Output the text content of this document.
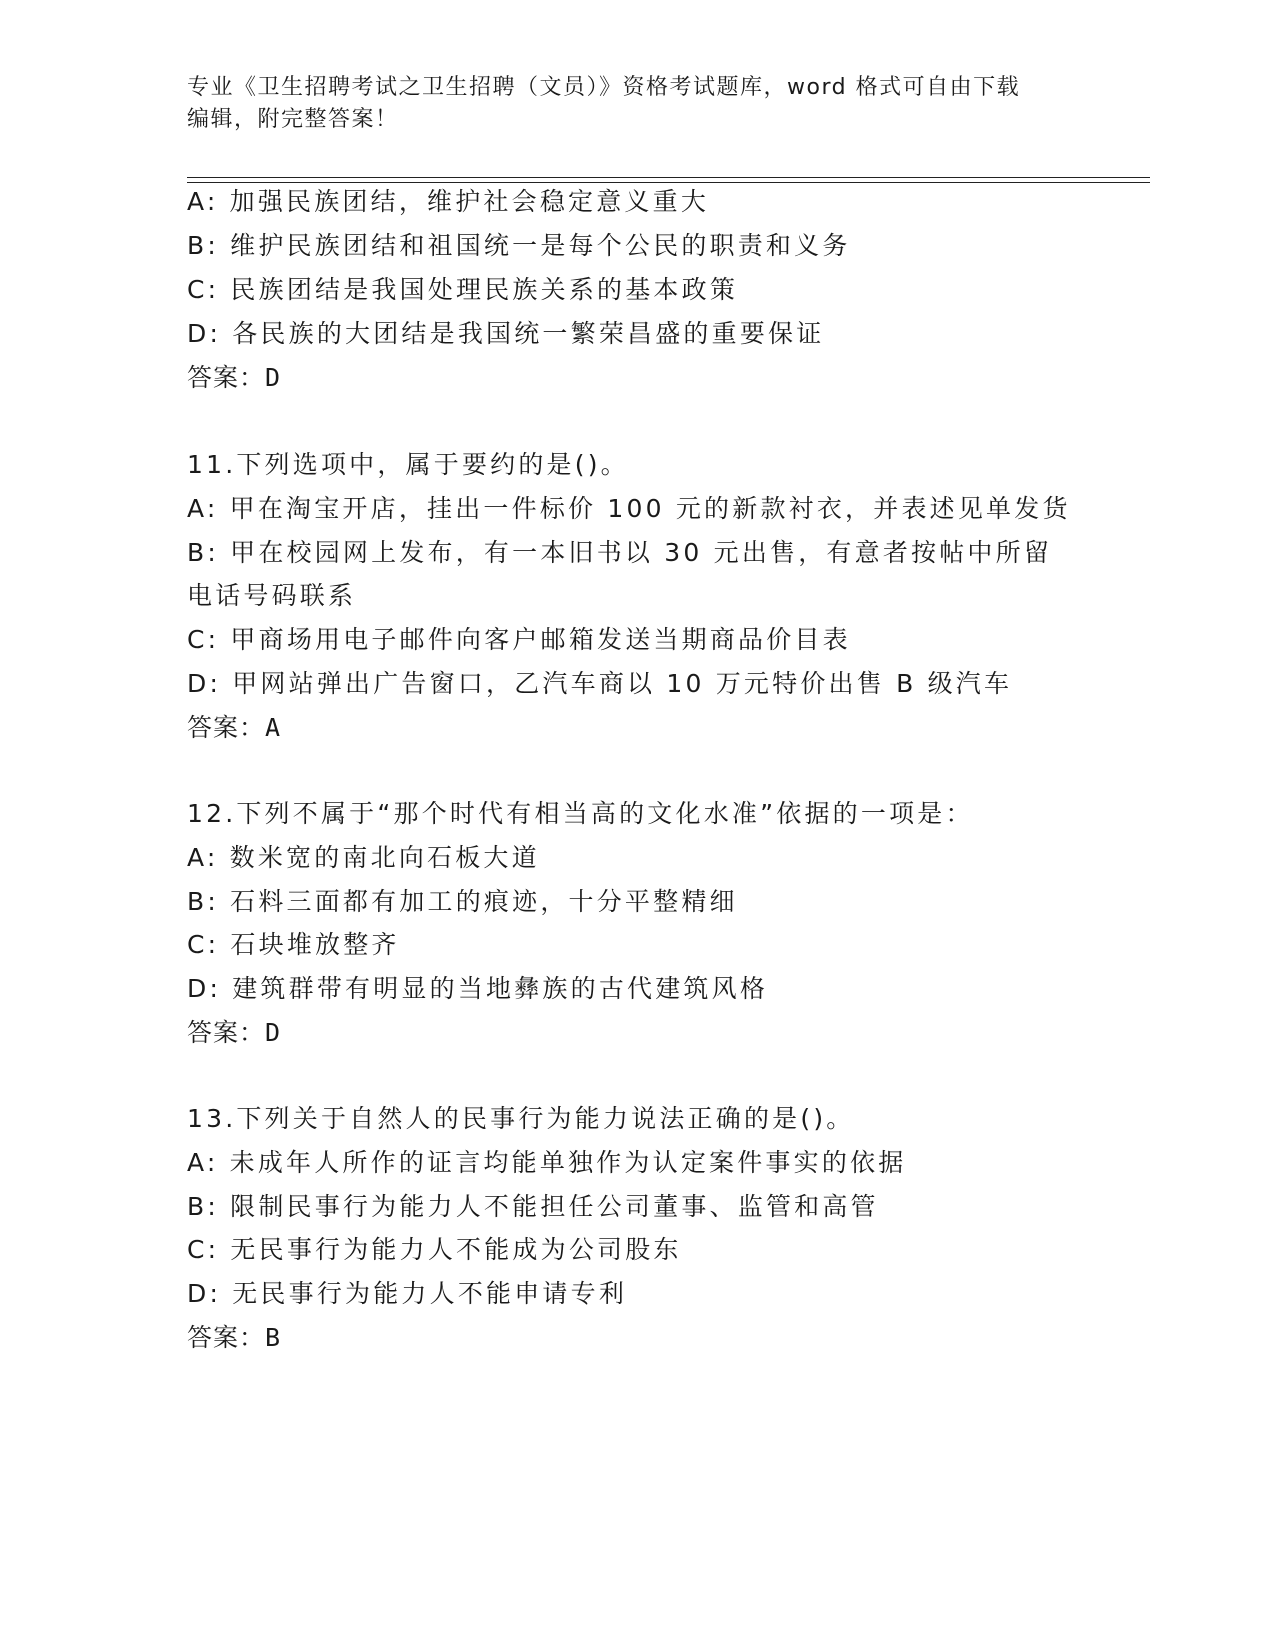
专业《卫生招聘考试之卫生招聘（文员）》资格考试题库，word 格式可自由下载
编辑，附完整答案！
A: 加强民族团结，维护社会稳定意义重大
B: 维护民族团结和祖国统一是每个公民的职责和义务
C: 民族团结是我国处理民族关系的基本政策
D: 各民族的大团结是我国统一繁荣昌盛的重要保证
答案：D
11.下列选项中，属于要约的是()。
A: 甲在淘宝开店，挂出一件标价 100 元的新款衬衣，并表述见单发货
B: 甲在校园网上发布，有一本旧书以 30 元出售，有意者按帖中所留
电话号码联系
C: 甲商场用电子邮件向客户邮箱发送当期商品价目表
D: 甲网站弹出广告窗口，乙汽车商以 10 万元特价出售 B 级汽车
答案：A
12.下列不属于“那个时代有相当高的文化水准”依据的一项是：
A: 数米宽的南北向石板大道
B: 石料三面都有加工的痕迹，十分平整精细
C: 石块堆放整齐
D: 建筑群带有明显的当地彝族的古代建筑风格
答案：D
13.下列关于自然人的民事行为能力说法正确的是()。
A: 未成年人所作的证言均能单独作为认定案件事实的依据
B: 限制民事行为能力人不能担任公司董事、监管和高管
C: 无民事行为能力人不能成为公司股东
D: 无民事行为能力人不能申请专利
答案：B
